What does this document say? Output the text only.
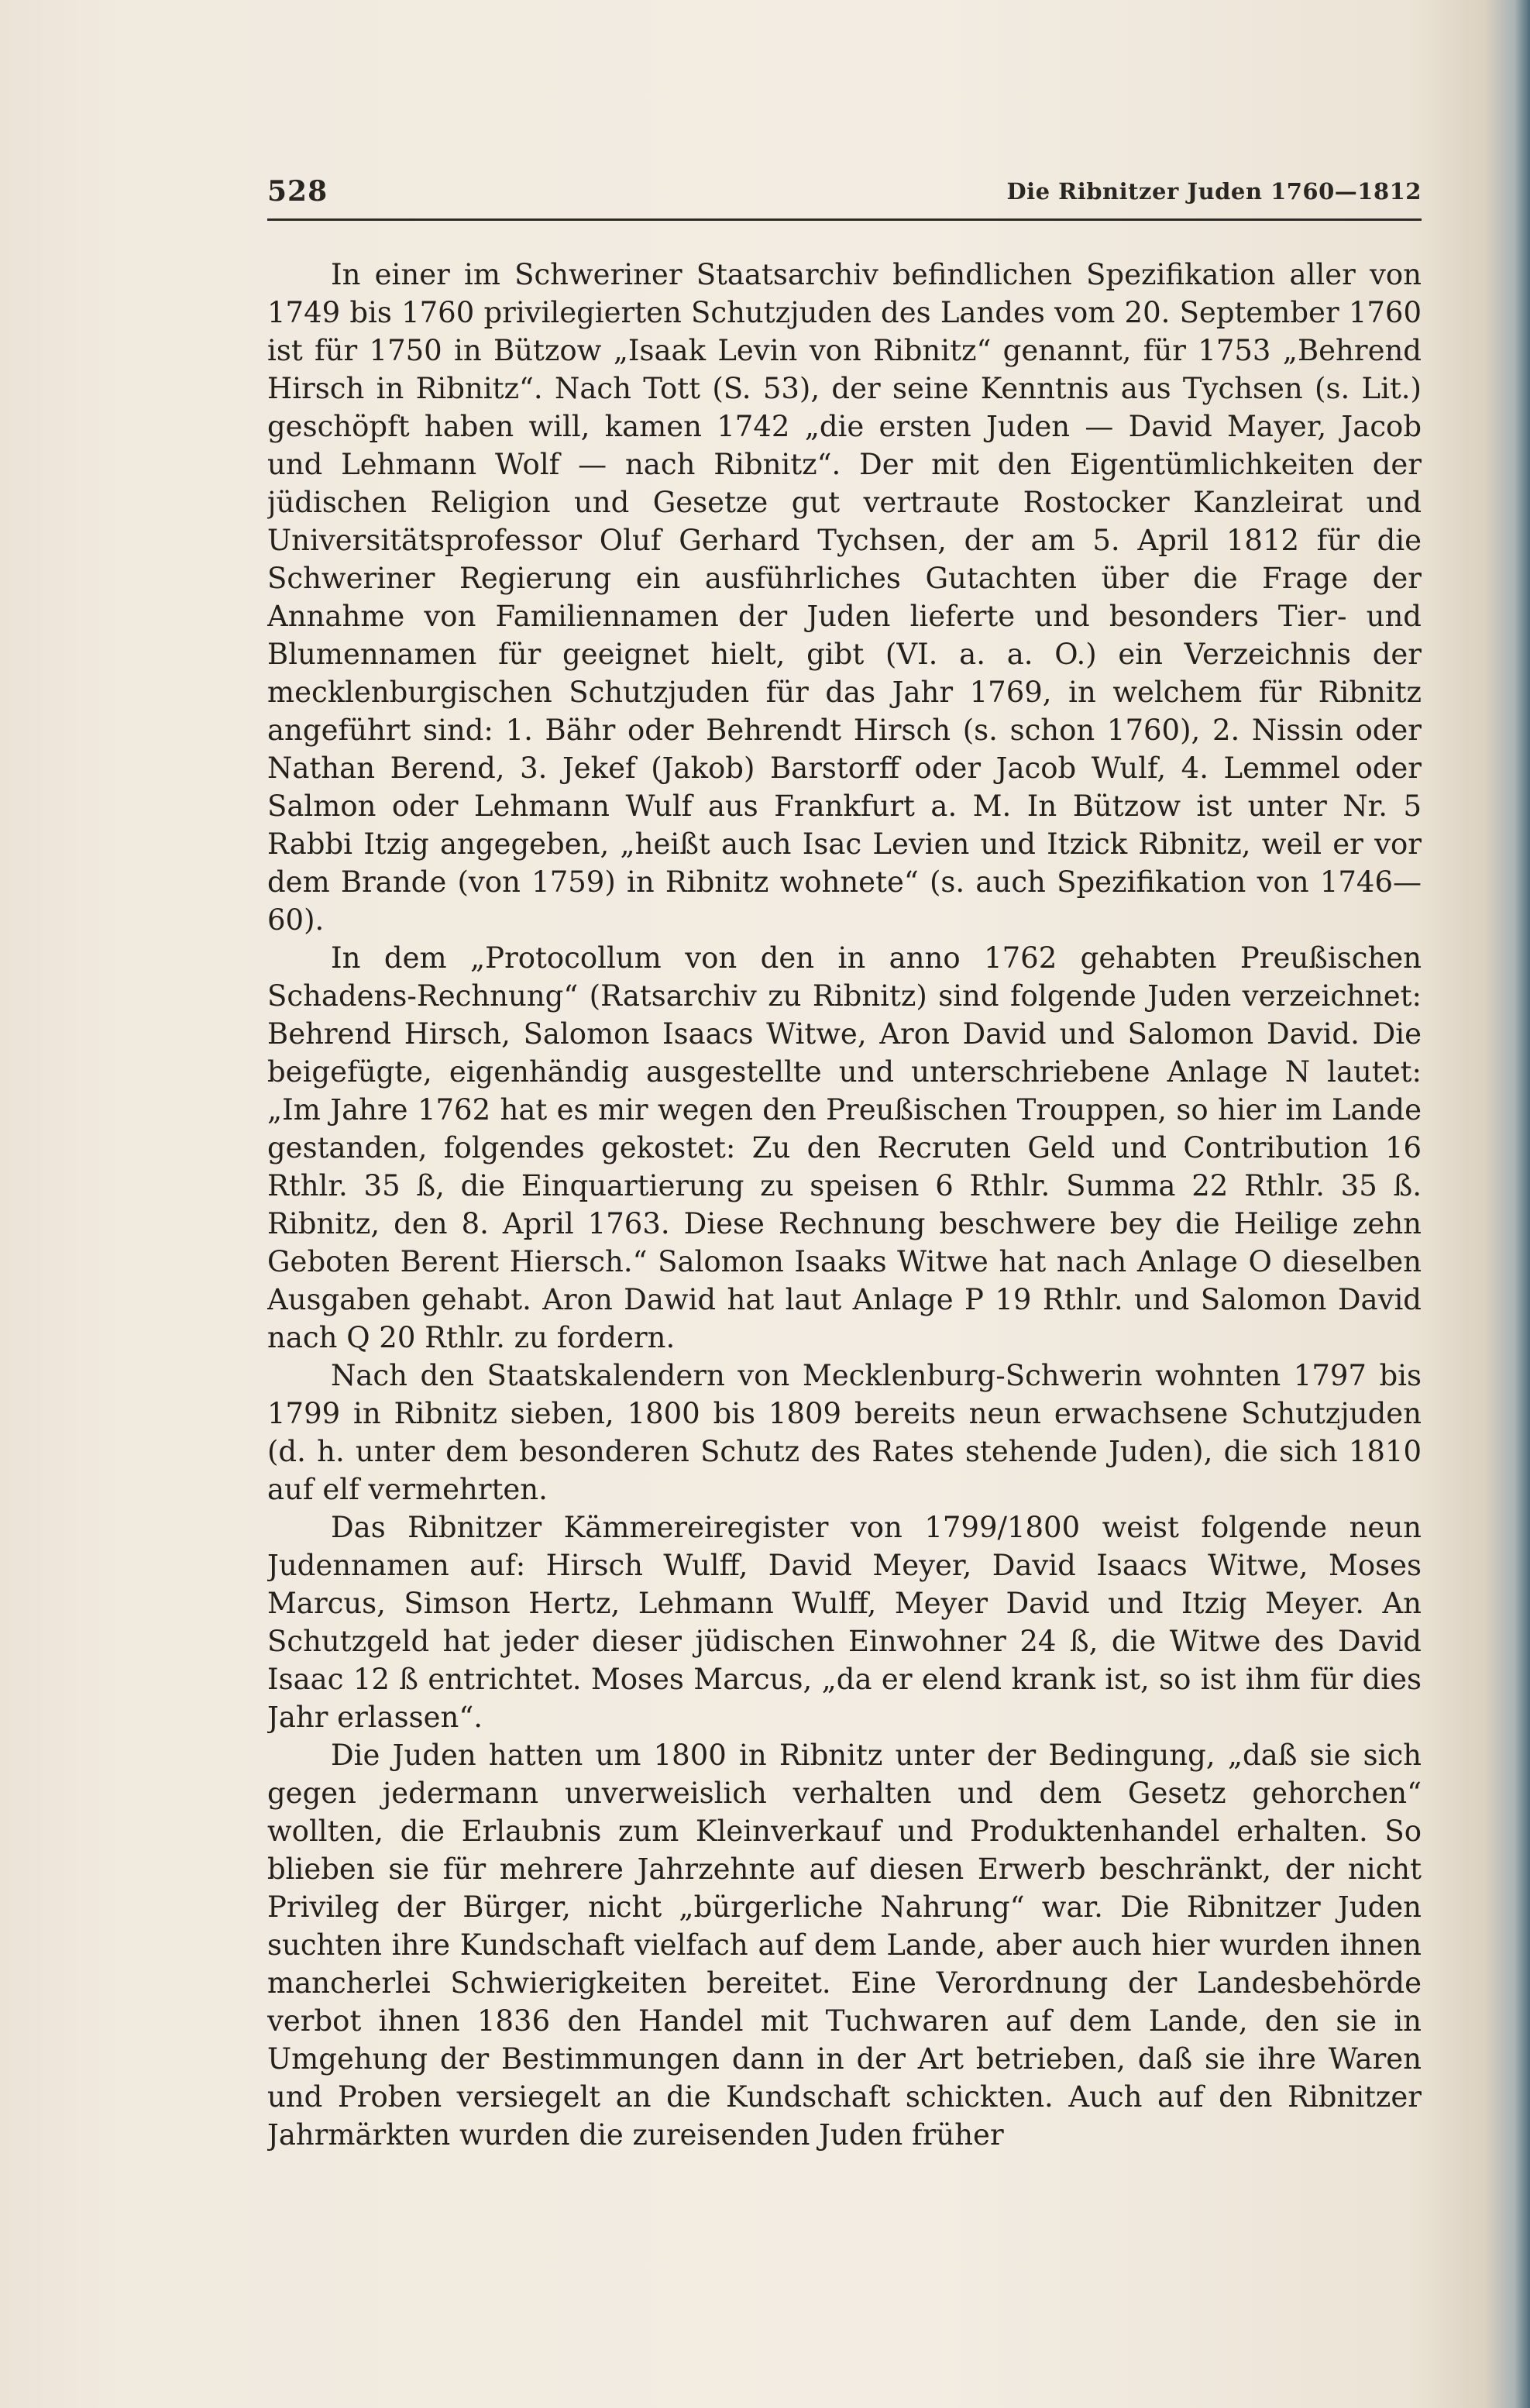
528	Die Ribnitzer Juden 1760—1812

In einer im Schweriner Staatsarchiv befindlichen Spezifikation aller von 1749 bis 1760 privilegierten Schutzjuden des Landes vom 20. September 1760 ist für 1750 in Bützow „Isaak Levin von Ribnitz“ genannt, für 1753 „Behrend Hirsch in Ribnitz“. Nach Tott (S. 53), der seine Kenntnis aus Tychsen (s. Lit.) geschöpft haben will, kamen 1742 „die ersten Juden — David Mayer, Jacob und Lehmann Wolf — nach Ribnitz“. Der mit den Eigentümlichkeiten der jüdischen Religion und Gesetze gut vertraute Rostocker Kanzleirat und Universitätsprofessor Oluf Gerhard Tychsen, der am 5. April 1812 für die Schweriner Regierung ein ausführliches Gutachten über die Frage der Annahme von Familiennamen der Juden lieferte und besonders Tier- und Blumennamen für geeignet hielt, gibt (VI. a. a. O.) ein Verzeichnis der mecklenburgischen Schutzjuden für das Jahr 1769, in welchem für Ribnitz angeführt sind: 1. Bähr oder Behrendt Hirsch (s. schon 1760), 2. Nissin oder Nathan Berend, 3. Jekef (Jakob) Barstorff oder Jacob Wulf, 4. Lemmel oder Salmon oder Lehmann Wulf aus Frankfurt a. M. In Bützow ist unter Nr. 5 Rabbi Itzig angegeben, „heißt auch Isac Levien und Itzick Ribnitz, weil er vor dem Brande (von 1759) in Ribnitz wohnete“ (s. auch Spezifikation von 1746—60).

In dem „Protocollum von den in anno 1762 gehabten Preußischen Schadens-Rechnung“ (Ratsarchiv zu Ribnitz) sind folgende Juden verzeichnet: Behrend Hirsch, Salomon Isaacs Witwe, Aron David und Salomon David. Die beigefügte, eigenhändig ausgestellte und unterschriebene Anlage N lautet: „Im Jahre 1762 hat es mir wegen den Preußischen Trouppen, so hier im Lande gestanden, folgendes gekostet: Zu den Recruten Geld und Contribution 16 Rthlr. 35 ß, die Einquartierung zu speisen 6 Rthlr. Summa 22 Rthlr. 35 ß. Ribnitz, den 8. April 1763. Diese Rechnung beschwere bey die Heilige zehn Geboten Berent Hiersch.“ Salomon Isaaks Witwe hat nach Anlage O dieselben Ausgaben gehabt. Aron Dawid hat laut Anlage P 19 Rthlr. und Salomon David nach Q 20 Rthlr. zu fordern.

Nach den Staatskalendern von Mecklenburg-Schwerin wohnten 1797 bis 1799 in Ribnitz sieben, 1800 bis 1809 bereits neun erwachsene Schutzjuden (d. h. unter dem besonderen Schutz des Rates stehende Juden), die sich 1810 auf elf vermehrten.

Das Ribnitzer Kämmereiregister von 1799/1800 weist folgende neun Judennamen auf: Hirsch Wulff, David Meyer, David Isaacs Witwe, Moses Marcus, Simson Hertz, Lehmann Wulff, Meyer David und Itzig Meyer. An Schutzgeld hat jeder dieser jüdischen Einwohner 24 ß, die Witwe des David Isaac 12 ß entrichtet. Moses Marcus, „da er elend krank ist, so ist ihm für dies Jahr erlassen“.

Die Juden hatten um 1800 in Ribnitz unter der Bedingung, „daß sie sich gegen jedermann unverweislich verhalten und dem Gesetz gehorchen“ wollten, die Erlaubnis zum Kleinverkauf und Produktenhandel erhalten. So blieben sie für mehrere Jahrzehnte auf diesen Erwerb beschränkt, der nicht Privileg der Bürger, nicht „bürgerliche Nahrung“ war. Die Ribnitzer Juden suchten ihre Kundschaft vielfach auf dem Lande, aber auch hier wurden ihnen mancherlei Schwierigkeiten bereitet. Eine Verordnung der Landesbehörde verbot ihnen 1836 den Handel mit Tuchwaren auf dem Lande, den sie in Umgehung der Bestimmungen dann in der Art betrieben, daß sie ihre Waren und Proben versiegelt an die Kundschaft schickten. Auch auf den Ribnitzer Jahrmärkten wurden die zureisenden Juden früher
